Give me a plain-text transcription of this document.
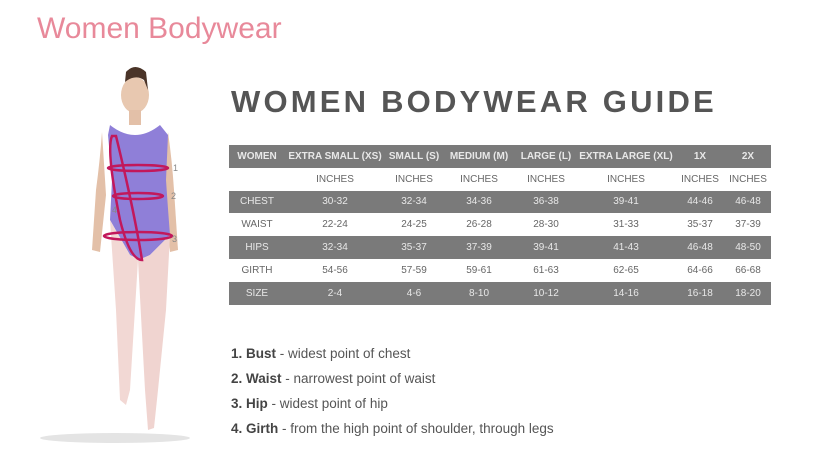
Women Bodywear
1
2
3
4
WOMEN BODYWEAR GUIDE
WOMEN	EXTRA SMALL (XS)	SMALL (S)	MEDIUM (M)	LARGE (L)	EXTRA LARGE (XL)	1X	2X
	INCHES	INCHES	INCHES	INCHES	INCHES	INCHES	INCHES
CHEST	30-32	32-34	34-36	36-38	39-41	44-46	46-48
WAIST	22-24	24-25	26-28	28-30	31-33	35-37	37-39
HIPS	32-34	35-37	37-39	39-41	41-43	46-48	48-50
GIRTH	54-56	57-59	59-61	61-63	62-65	64-66	66-68
SIZE	2-4	4-6	8-10	10-12	14-16	16-18	18-20
1. Bust - widest point of chest
2. Waist - narrowest point of waist
3. Hip - widest point of hip
4. Girth - from the high point of shoulder, through legs
